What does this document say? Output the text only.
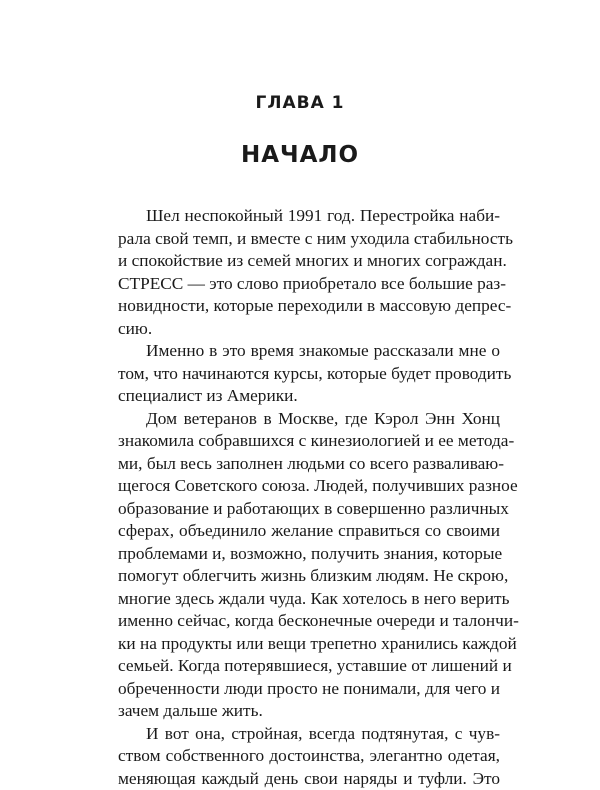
ГЛАВА 1
НАЧАЛО

Шел неспокойный 1991 год. Перестройка наби-
рала свой темп, и вместе с ним уходила стабильность
и спокойствие из семей многих и многих сограждан.
СТРЕСС — это слово приобретало все большие раз-
новидности, которые переходили в массовую депрес-
сию.

Именно в это время знакомые рассказали мне о
том, что начинаются курсы, которые будет проводить
специалист из Америки.

Дом ветеранов в Москве, где Кэрол Энн Хонц
знакомила собравшихся с кинезиологией и ее метода-
ми, был весь заполнен людьми со всего разваливаю-
щегося Советского союза. Людей, получивших разное
образование и работающих в совершенно различных
сферах, объединило желание справиться со своими
проблемами и, возможно, получить знания, которые
помогут облегчить жизнь близким людям. Не скрою,
многие здесь ждали чуда. Как хотелось в него верить
именно сейчас, когда бесконечные очереди и талончи-
ки на продукты или вещи трепетно хранились каждой
семьей. Когда потерявшиеся, уставшие от лишений и
обреченности люди просто не понимали, для чего и
зачем дальше жить.

И вот она, стройная, всегда подтянутая, с чув-
ством собственного достоинства, элегантно одетая,
меняющая каждый день свои наряды и туфли. Это
